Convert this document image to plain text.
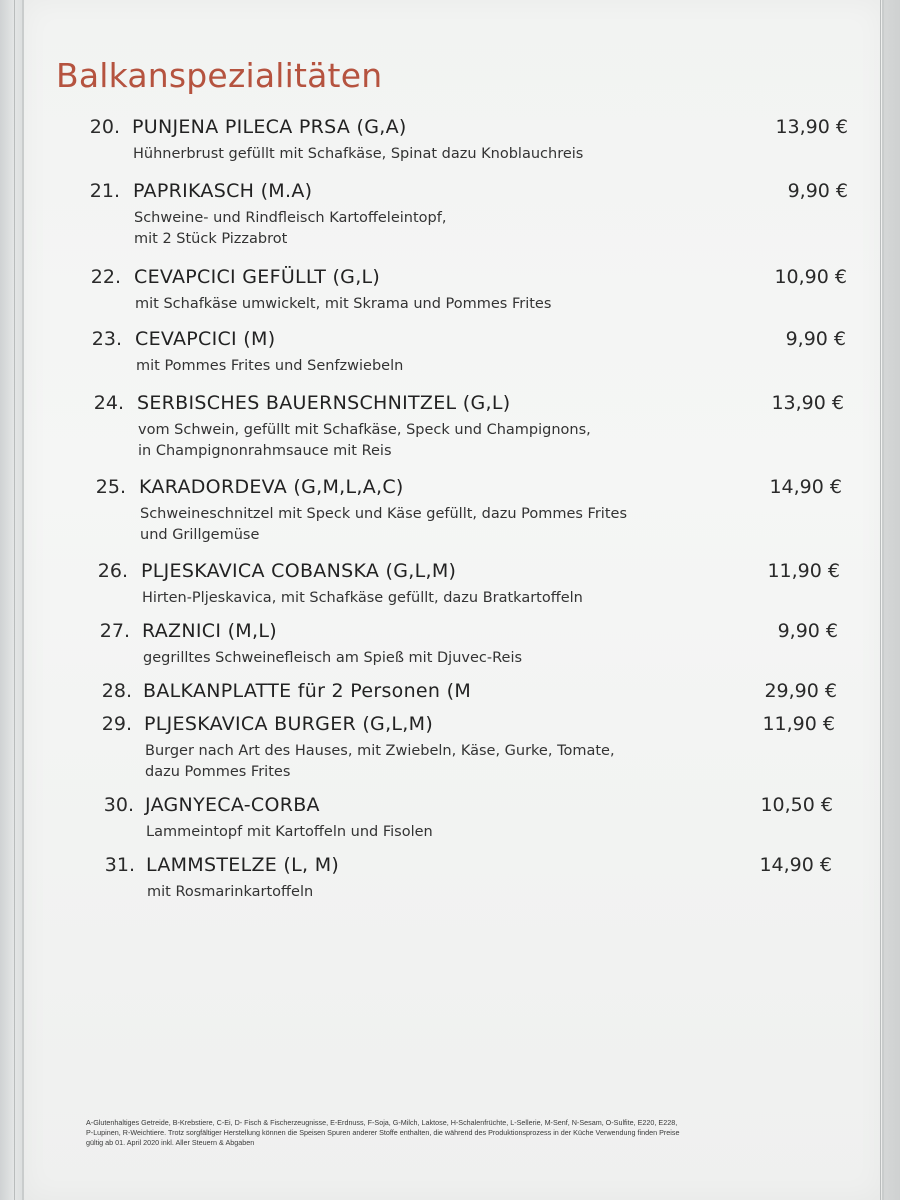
Balkanspezialitäten
20. PUNJENA PILECA PRSA (G,A)
Hühnerbrust gefüllt mit Schafkäse, Spinat dazu Knoblauchreis
13,90 €
21. PAPRIKASCH (M.A)
Schweine- und Rindfleisch Kartoffeleintopf,
mit 2 Stück Pizzabrot
9,90 €
22. CEVAPCICI GEFÜLLT (G,L)
mit Schafkäse umwickelt, mit Skrama und Pommes Frites
10,90 €
23. CEVAPCICI (M)
mit Pommes Frites und Senfzwiebeln
9,90 €
24. SERBISCHES BAUERNSCHNITZEL (G,L)
vom Schwein, gefüllt mit Schafkäse, Speck und Champignons,
in Champignonrahmsauce mit Reis
13,90 €
25. KARADORDEVA (G,M,L,A,C)
Schweineschnitzel mit Speck und Käse gefüllt, dazu Pommes Frites
und Grillgemüse
14,90 €
26. PLJESKAVICA COBANSKA (G,L,M)
Hirten-Pljeskavica, mit Schafkäse gefüllt, dazu Bratkartoffeln
11,90 €
27. RAZNICI (M,L)
gegrilltes Schweinefleisch am Spieß mit Djuvec-Reis
9,90 €
28. BALKANPLATTE für 2 Personen (M	29,90 €
29. PLJESKAVICA BURGER (G,L,M)
Burger nach Art des Hauses, mit Zwiebeln, Käse, Gurke, Tomate,
dazu Pommes Frites
11,90 €
30. JAGNYECA-CORBA
Lammeintopf mit Kartoffeln und Fisolen
10,50 €
31. LAMMSTELZE (L, M)
mit Rosmarinkartoffeln
14,90 €
A-Glutenhaltiges Getreide, B-Krebstiere, C-Ei, D- Fisch & Fischerzeugnisse, E-Erdnuss, F-Soja, G-Milch, Laktose, H-Schalenfrüchte, L-Sellerie, M-Senf, N-Sesam, O-Sulfite, E220, E228,
P-Lupinen, R-Weichtiere. Trotz sorgfältiger Herstellung können die Speisen Spuren anderer Stoffe enthalten, die während des Produktionsprozess in der Küche Verwendung finden Preise
gültig ab 01. April 2020 inkl. Aller Steuern & Abgaben
